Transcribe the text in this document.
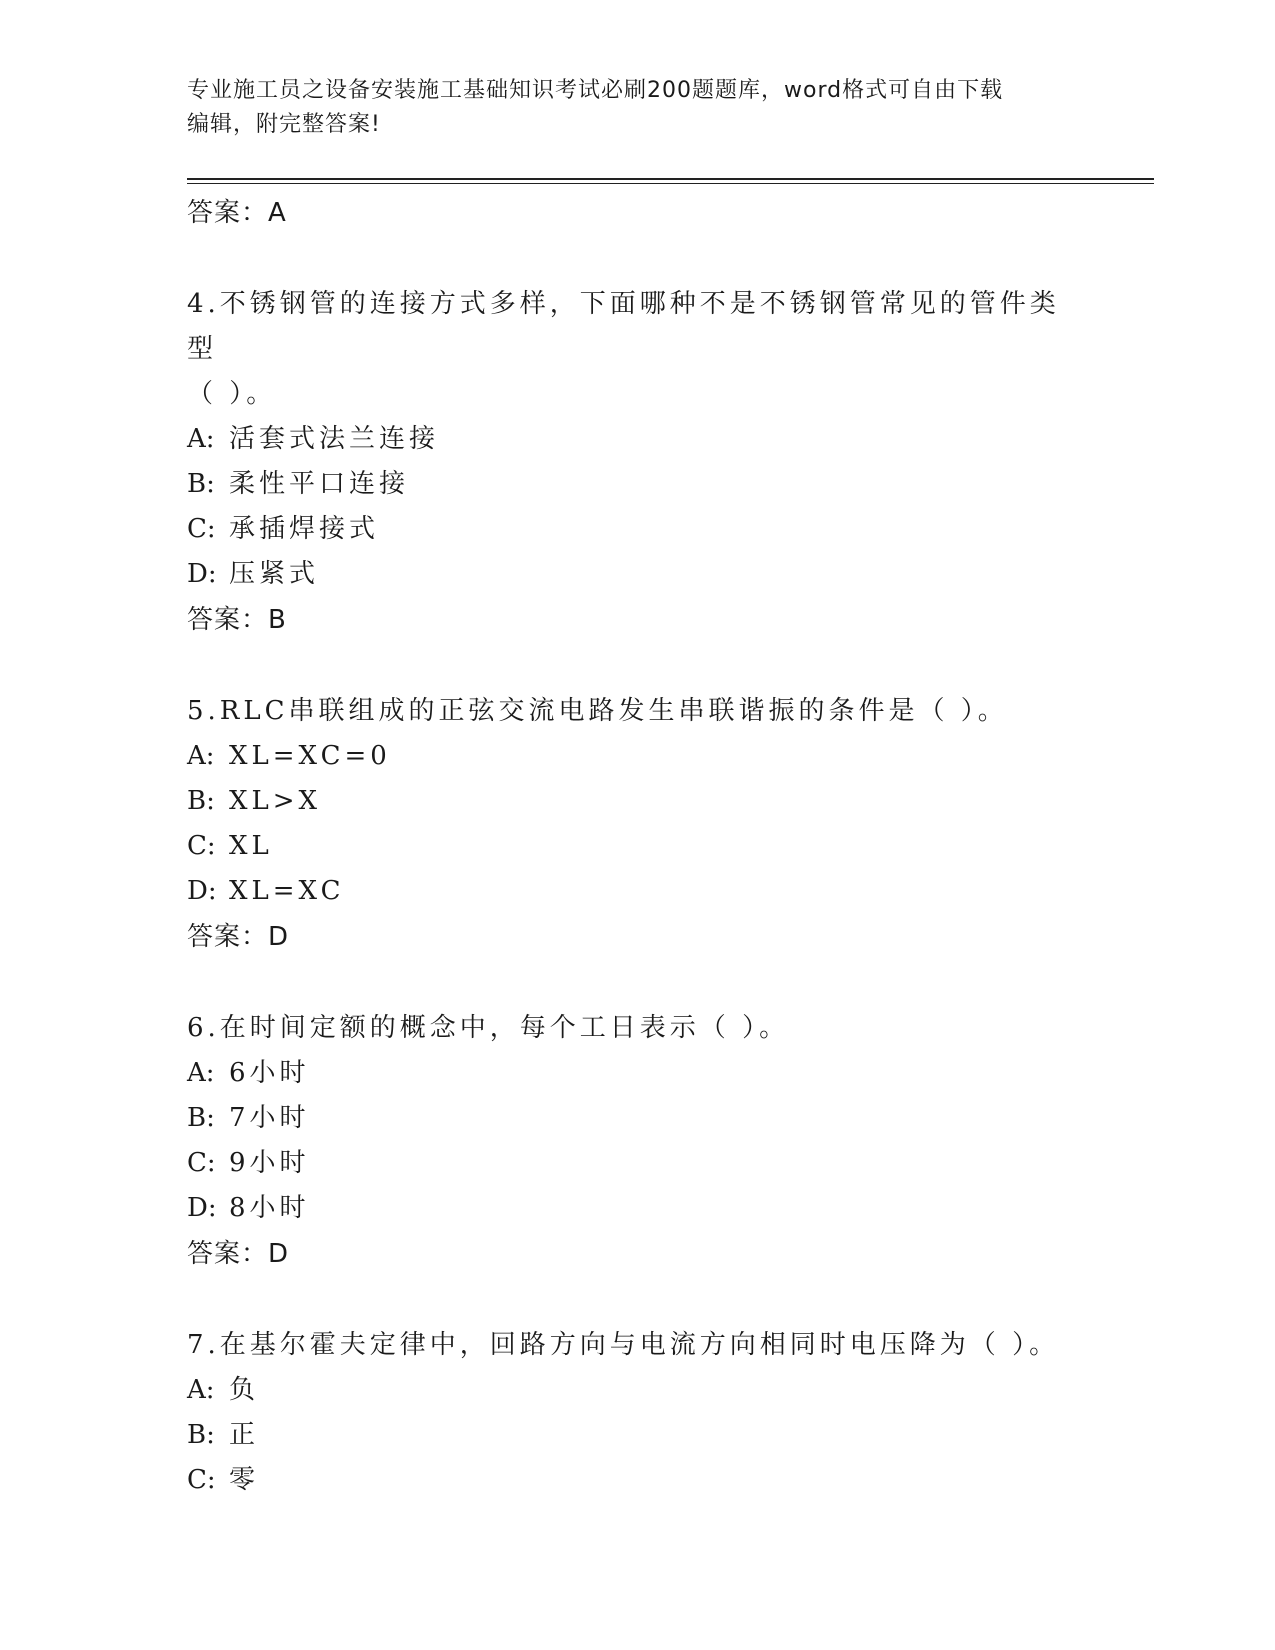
专业施工员之设备安装施工基础知识考试必刷200题题库，word格式可自由下载
编辑，附完整答案!
答案：A
4.不锈钢管的连接方式多样，下面哪种不是不锈钢管常见的管件类型
（ ）。
A: 活套式法兰连接
B: 柔性平口连接
C: 承插焊接式
D: 压紧式
答案：B
5.RLC串联组成的正弦交流电路发生串联谐振的条件是（ ）。
A: XL=XC=0
B: XL>X
C: XL
D: XL=XC
答案：D
6.在时间定额的概念中，每个工日表示（ ）。
A: 6小时
B: 7小时
C: 9小时
D: 8小时
答案：D
7.在基尔霍夫定律中，回路方向与电流方向相同时电压降为（ ）。
A: 负
B: 正
C: 零
